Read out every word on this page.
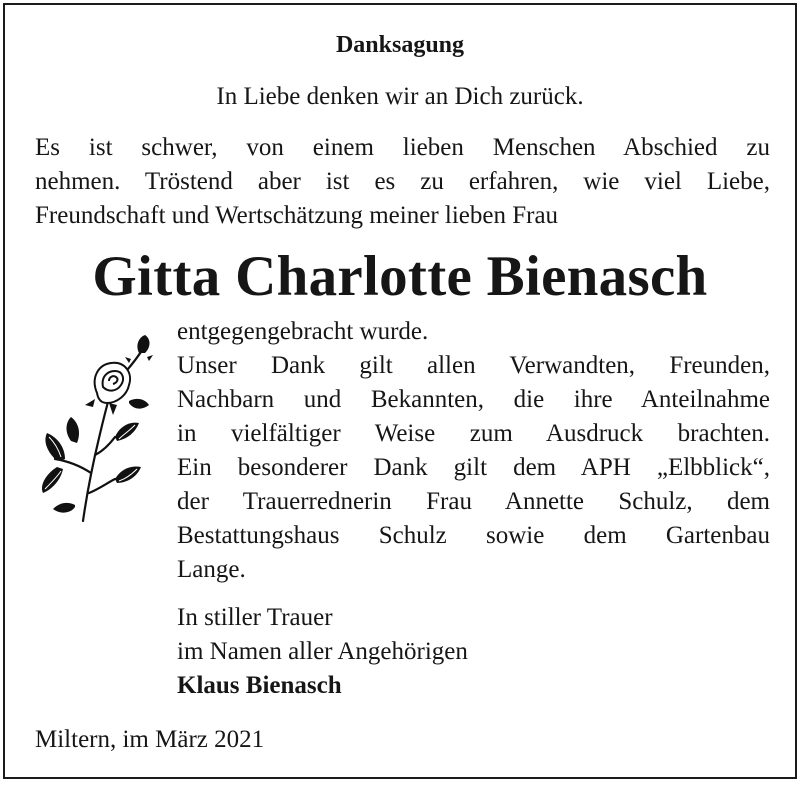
Danksagung
In Liebe denken wir an Dich zurück.
Es ist schwer, von einem lieben Menschen Abschied zu
nehmen. Tröstend aber ist es zu erfahren, wie viel Liebe,
Freundschaft und Wertschätzung meiner lieben Frau
Gitta Charlotte Bienasch
entgegengebracht wurde.
Unser Dank gilt allen Verwandten, Freunden,
Nachbarn und Bekannten, die ihre Anteilnahme
in vielfältiger Weise zum Ausdruck brachten.
Ein besonderer Dank gilt dem APH „Elbblick“,
der Trauerrednerin Frau Annette Schulz, dem
Bestattungshaus Schulz sowie dem Gartenbau
Lange.
In stiller Trauer
im Namen aller Angehörigen
Klaus Bienasch
Miltern, im März 2021
